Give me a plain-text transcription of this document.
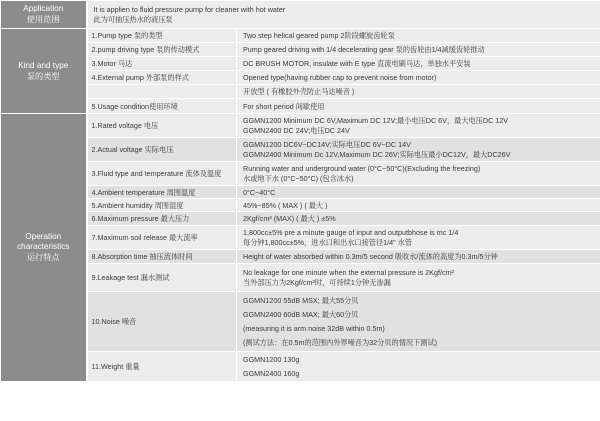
Application
使用范围	It is applien to fluid pressure pump for cleaner with hot water
此为可抽压热水的液压泵	

Kind and type
泵的类型	1.Pump type 泵的类型	Two step helical geared pump 2阶段螺旋齿轮泵
	2.pump driving type 泵的传动模式	Pump geared driving with 1/4 decelerating gear 泵的齿轮由1/4减缓齿轮推动
	3.Motor 马达	DC BRUSH MOTOR, insulate with E type 直流电刷马达，单独水平安装
	4.External pump 外部泵的样式	Opened type(having rubber cap to prevent noise from motor)
		开放型 ( 有橡胶外壳防止马达噪音 )
	5.Usage condition使用环境	For short period 间歇使用

Operation characteristics
运行特点	1.Rated voltage 电压	GGMN1200 Minimum DC 6V,Maximum DC 12V;最小电压DC 6V，最大电压DC 12V
GGMN2400 DC 24V;电压DC 24V

	2.Actual voltage 实际电压	GGMN1200 DC6V~DC14V;实际电压DC 6V~DC 14V
GGMN2400 Minimum Dc 12V,Maximum DC 26V;实际电压最小DC12V，最大DC26V

	3.Fluid type and temperature 流体及温度	Running water and underground water (0°C~50°C)(Excluding the freezing)
水或地下水 (0°C~50°C) (包含冰水)

	4.Ambient temperature 周围温度	0°C~40°C

	5.Ambient humidity 周围湿度	45%~85% ( MAX ) ( 最大 )

	6.Maximum pressure 最大压力	2Kgf/cm² (MAX) ( 最大 ) ±5%

	7.Maximum soil release 最大流率	1,800cc±5% pre a minute gauge of input and outputbhose is mc 1/4
每分钟1,800cc±5%，进水口和出水口接管径1/4" 水管

	8.Absorption time 抽压流体时间	Height of water absorbed within 0.3m/5 second 吸收水/流体的高度为0.3m/5分钟

	9.Leakage test 漏水测试	No leakage for one minute when the external pressure is 2Kgf/cm²
当外部压力为2Kgf/cm²时，可持续1分钟无渗漏

	10.Noise 噪音	GGMN1200 55dB MSX; 最大55分贝
GGMN2400 60dB MAX; 最大60分贝
(measuring it is arm noise 32dB within 0.5m)
(测试方法：在0.5m的范围内外界噪音为32分贝的情况下测试)

	11.Weight 重量	GGMN1200 130g
GGMN2400 160g
